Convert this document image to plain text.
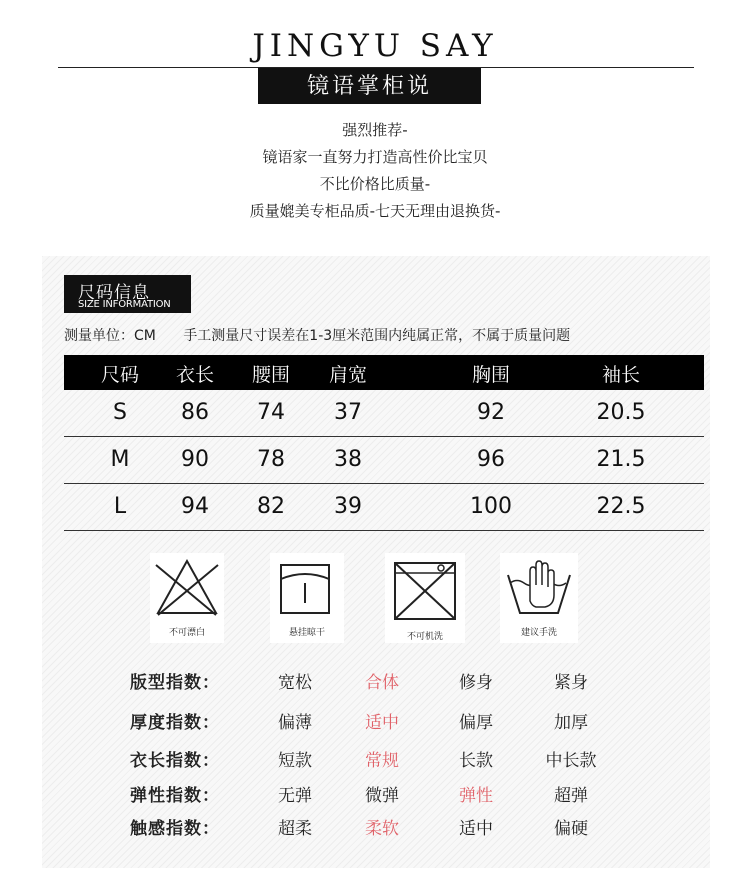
JINGYU SAY
镜语掌柜说
强烈推荐-
镜语家一直努力打造高性价比宝贝
不比价格比质量-
质量媲美专柜品质-七天无理由退换货-
尺码信息
SIZE INFORMATION
测量单位：CM 手工测量尺寸误差在1-3厘米范围内纯属正常，不属于质量问题
尺码 衣长 腰围 肩宽	胸围	袖长
S 86 74 37	92	20.5
M 90 78 38	96	21.5
L 94 82 39	100	22.5
不可漂白	悬挂晾干	不可机洗	建议手洗
版型指数：	宽松	合体	修身	紧身
厚度指数：	偏薄	适中	偏厚	加厚
衣长指数：	短款	常规	长款	中长款
弹性指数：	无弹	微弹	弹性	超弹
触感指数：	超柔	柔软	适中	偏硬
